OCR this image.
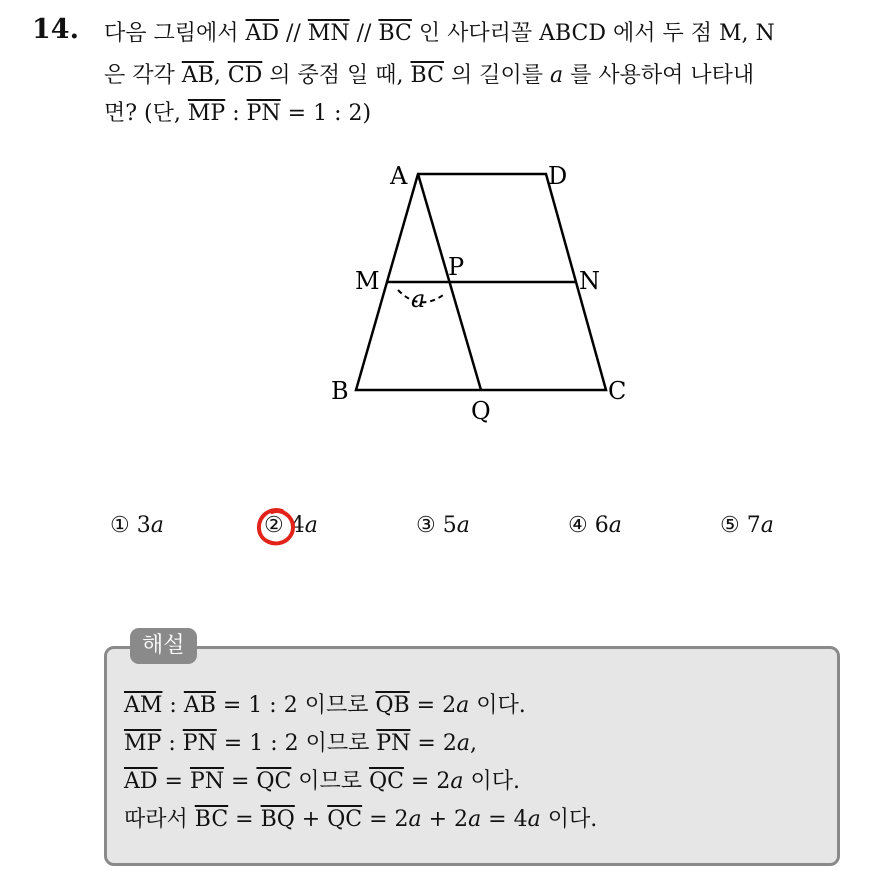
14. 다음 그림에서 $\overline{AD} // \overline{MN} // \overline{BC}$ 인 사다리꼴 ABCD 에서 두 점 M, N
은 각각 $\overline{AB}$, $\overline{CD}$ 의 중점 일 때, $\overline{BC}$ 의 길이를 a 를 사용하여 나타내
면? (단, $\overline{MP}$ : $\overline{PN} = 1$ : 2)
A	D
M	P	N
B
Q
C
a
① 3a	② 4a	③ 5a	④ 6a	⑤ 7a
해설
$\overline{AM}$ : $\overline{AB} = 1$ : 2 이므로 $\overline{QB} = 2a$ 이다.
$\overline{MP}$ : $\overline{PN} = 1$ : 2 이므로 $\overline{PN} = 2a$,
$\overline{AD} = \overline{PN} = \overline{QC}$ 이므로 $\overline{QC} = 2a$ 이다.
따라서 $\overline{BC} = \overline{BQ} + \overline{QC} = 2a + 2a = 4a$ 이다.
